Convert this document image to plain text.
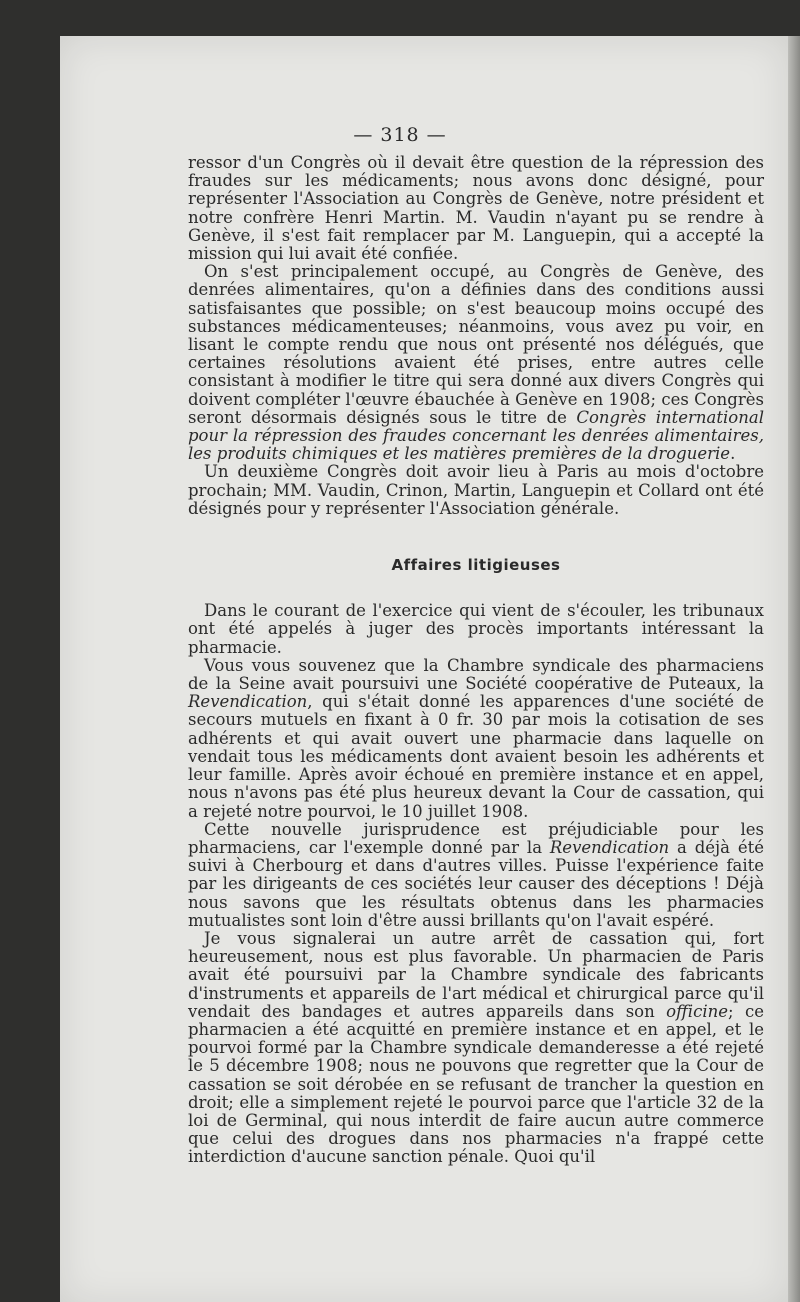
— 318 —

ressor d'un Congrès où il devait être question de la répression des fraudes sur les médicaments; nous avons donc désigné, pour représenter l'Association au Congrès de Genève, notre président et notre confrère Henri Martin. M. Vaudin n'ayant pu se rendre à Genève, il s'est fait remplacer par M. Languepin, qui a accepté la mission qui lui avait été confiée.

On s'est principalement occupé, au Congrès de Genève, des denrées alimentaires, qu'on a définies dans des conditions aussi satisfaisantes que possible; on s'est beaucoup moins occupé des substances médicamenteuses; néanmoins, vous avez pu voir, en lisant le compte rendu que nous ont présenté nos délégués, que certaines résolutions avaient été prises, entre autres celle consistant à modifier le titre qui sera donné aux divers Congrès qui doivent compléter l'œuvre ébauchée à Genève en 1908; ces Congrès seront désormais désignés sous le titre de Congrès international pour la répression des fraudes concernant les denrées alimentaires, les produits chimiques et les matières premières de la droguerie.

Un deuxième Congrès doit avoir lieu à Paris au mois d'octobre prochain; MM. Vaudin, Crinon, Martin, Languepin et Collard ont été désignés pour y représenter l'Association générale.

Affaires litigieuses

Dans le courant de l'exercice qui vient de s'écouler, les tribunaux ont été appelés à juger des procès importants intéressant la pharmacie.

Vous vous souvenez que la Chambre syndicale des pharmaciens de la Seine avait poursuivi une Société coopérative de Puteaux, la Revendication, qui s'était donné les apparences d'une société de secours mutuels en fixant à 0 fr. 30 par mois la cotisation de ses adhérents et qui avait ouvert une pharmacie dans laquelle on vendait tous les médicaments dont avaient besoin les adhérents et leur famille. Après avoir échoué en première instance et en appel, nous n'avons pas été plus heureux devant la Cour de cassation, qui a rejeté notre pourvoi, le 10 juillet 1908.

Cette nouvelle jurisprudence est préjudiciable pour les pharmaciens, car l'exemple donné par la Revendication a déjà été suivi à Cherbourg et dans d'autres villes. Puisse l'expérience faite par les dirigeants de ces sociétés leur causer des déceptions ! Déjà nous savons que les résultats obtenus dans les pharmacies mutualistes sont loin d'être aussi brillants qu'on l'avait espéré.

Je vous signalerai un autre arrêt de cassation qui, fort heureusement, nous est plus favorable. Un pharmacien de Paris avait été poursuivi par la Chambre syndicale des fabricants d'instruments et appareils de l'art médical et chirurgical parce qu'il vendait des bandages et autres appareils dans son officine; ce pharmacien a été acquitté en première instance et en appel, et le pourvoi formé par la Chambre syndicale demanderesse a été rejeté le 5 décembre 1908; nous ne pouvons que regretter que la Cour de cassation se soit dérobée en se refusant de trancher la question en droit; elle a simplement rejeté le pourvoi parce que l'article 32 de la loi de Germinal, qui nous interdit de faire aucun autre commerce que celui des drogues dans nos pharmacies n'a frappé cette interdiction d'aucune sanction pénale. Quoi qu'il
